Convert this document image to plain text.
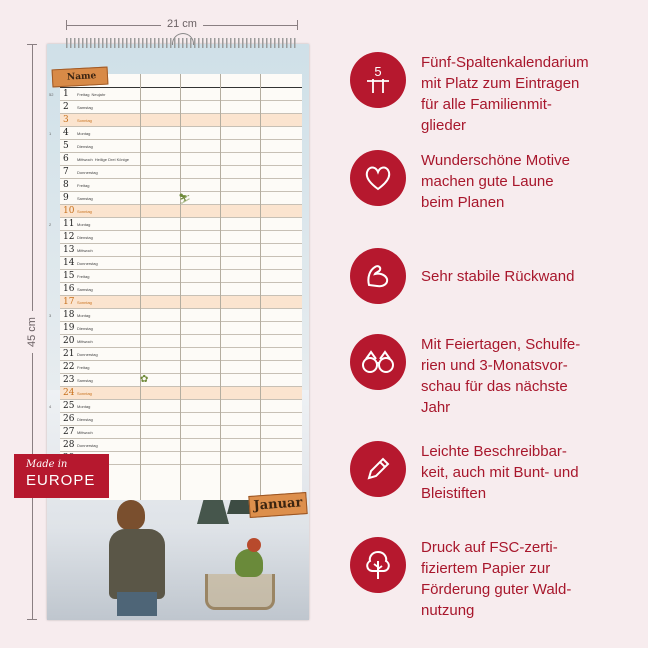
21 cm
45 cm
Name
52 1	Freitag Neujahr
2	Samstag
3	Sonntag
1 4	Montag
5	Dienstag
6	Mittwoch Heilige Drei Könige
7	Donnerstag
8	Freitag
9	Samstag
10 Sonntag
2 11 Montag
12 Dienstag
13 Mittwoch
14 Donnerstag
15 Freitag
16 Samstag
17 Sonntag
3 18 Montag
19 Dienstag
20 Mittwoch
21 Donnerstag
22 Freitag
23 Samstag
24 Sonntag
4 25 Montag
26 Dienstag
27 Mittwoch
28 Donnerstag
⛷
✿
Januar
Made in
EUROPE
5
Fünf-Spaltenkalendarium
mit Platz zum Eintragen
für alle Familienmit-
glieder
Wunderschöne Motive
machen gute Laune
beim Planen
Sehr stabile Rückwand
Mit Feiertagen, Schulfe-
rien und 3-Monatsvor-
schau für das nächste
Jahr
Leichte Beschreibbar-
keit, auch mit Bunt- und
Bleistiften
Druck auf FSC-zerti-
fiziertem Papier zur
Förderung guter Wald-
nutzung
